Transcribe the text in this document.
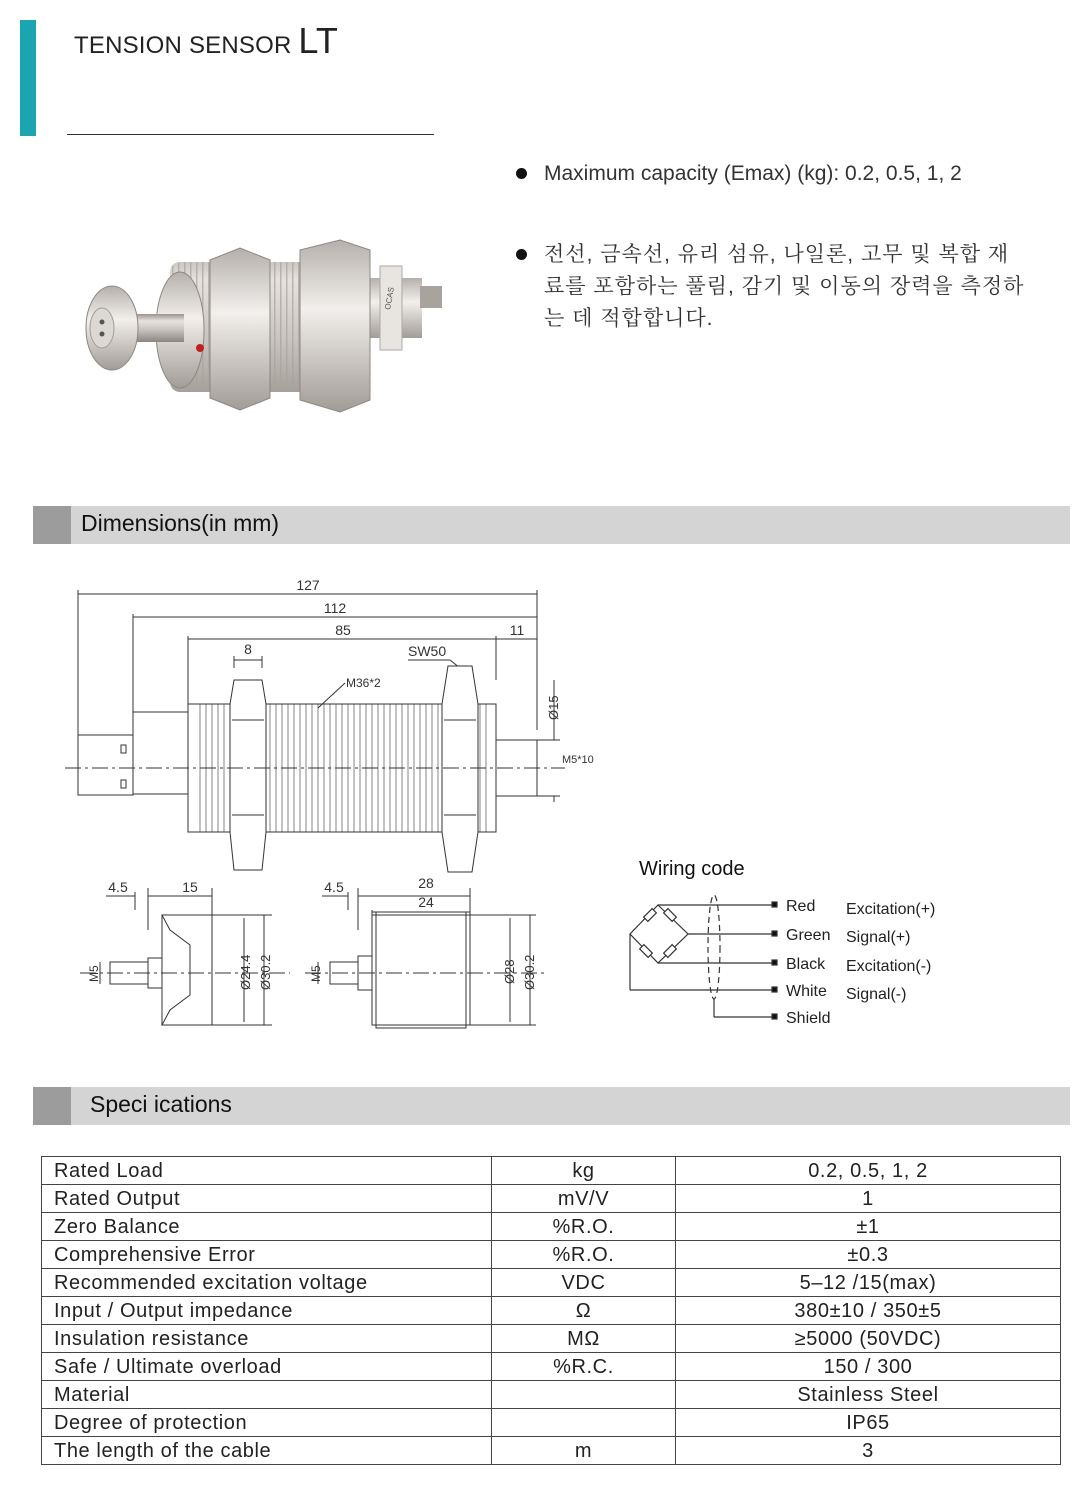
TENSION SENSOR LT
Maximum capacity (Emax) (kg): 0.2, 0.5, 1, 2
전선, 금속선, 유리 섬유, 나일론, 고무 및 복합 재료를 포함하는 풀림, 감기 및 이동의 장력을 측정하는 데 적합합니다.
OCAS
Dimensions(in mm)
127
112
85	11
8	SW50
M36*2
Ø15
M5*10
4.5	15
Ø24.4 Ø30.2
M5
4.5	28
24
Ø28 Ø30.2
M5
Wiring code
Red
Green
Black
White
Shield
Excitation(+)
Signal(+)
Excitation(-)
Signal(-)
Speci ications
Rated Load	kg	0.2, 0.5, 1, 2
Rated Output	mV/V	1
Zero Balance	%R.O.	±1
Comprehensive Error	%R.O.	±0.3
Recommended excitation voltage	VDC	5–12 /15(max)
Input / Output impedance	Ω	380±10 / 350±5
Insulation resistance	MΩ	≥5000 (50VDC)
Safe / Ultimate overload	%R.C.	150 / 300
Material		Stainless Steel
Degree of protection		IP65
The length of the cable	m	3
